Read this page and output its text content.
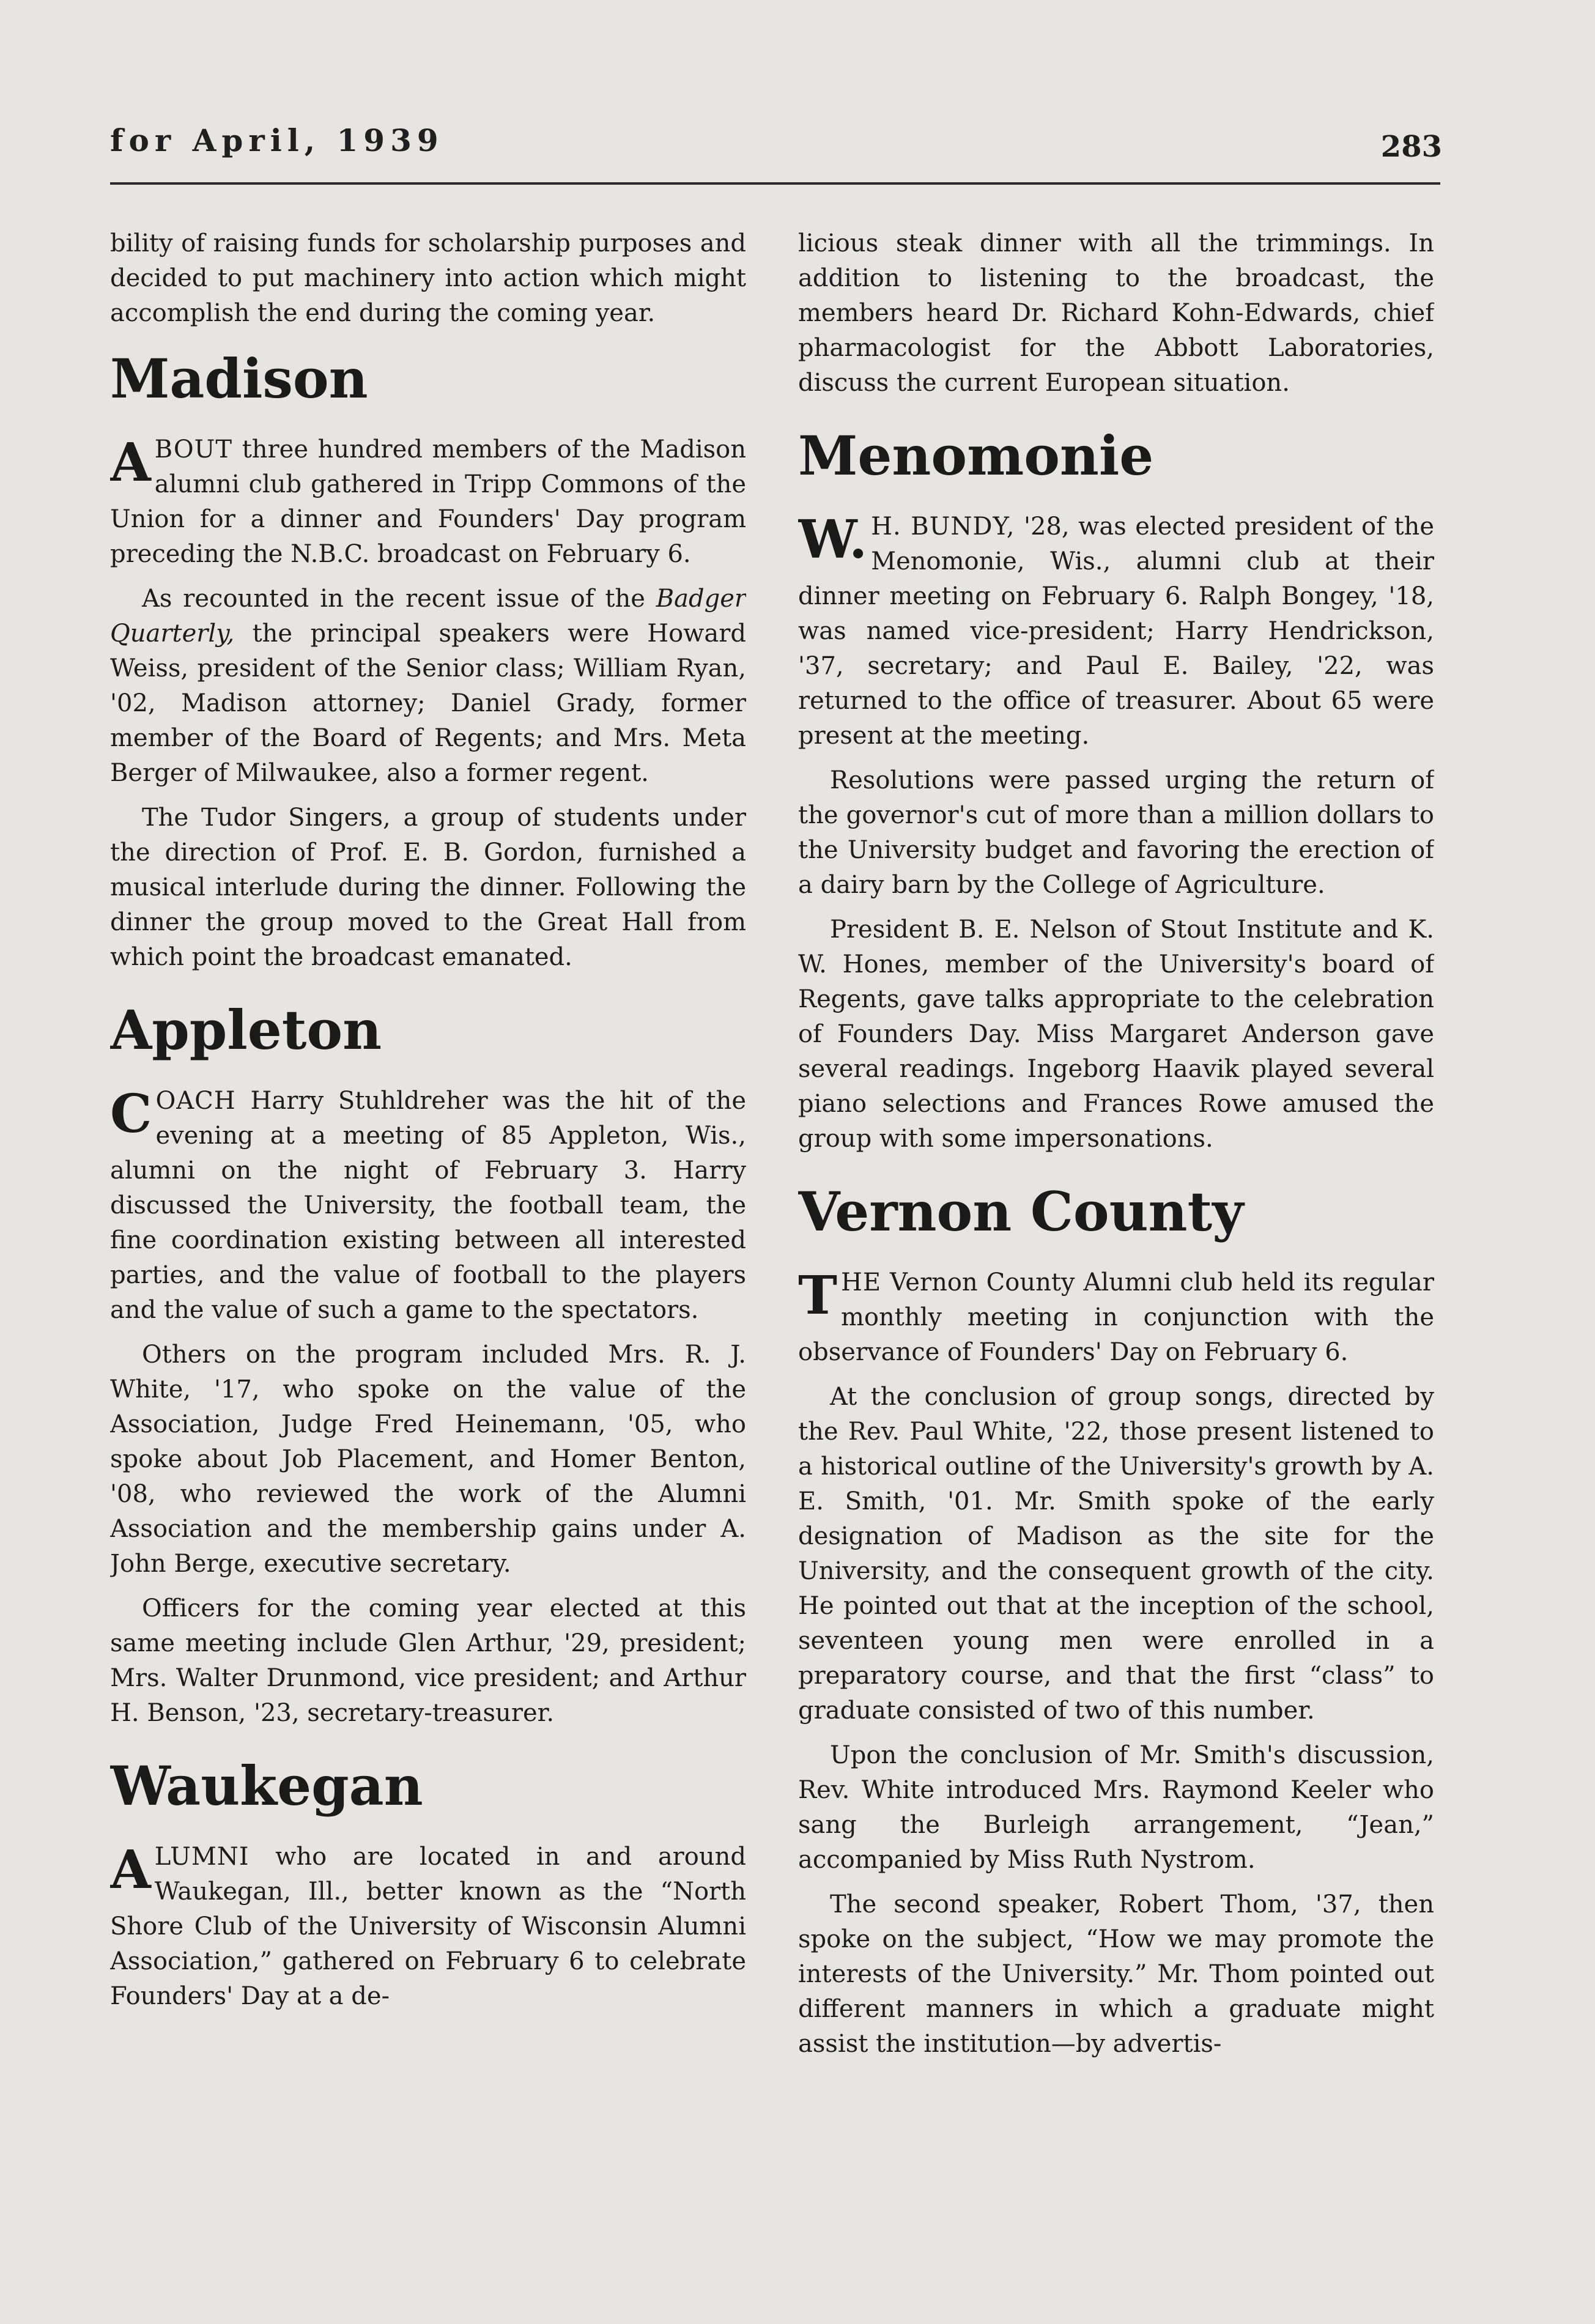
for April, 1939	283

bility of raising funds for scholarship purposes and decided to put machinery into action which might accomplish the end during the coming year.

Madison

ABOUT three hundred members of the Madison alumni club gathered in Tripp Commons of the Union for a dinner and Founders' Day program preceding the N.B.C. broadcast on February 6.

As recounted in the recent issue of the Badger Quarterly, the principal speakers were Howard Weiss, president of the Senior class; William Ryan, '02, Madison attorney; Daniel Grady, former member of the Board of Regents; and Mrs. Meta Berger of Milwaukee, also a former regent.

The Tudor Singers, a group of students under the direction of Prof. E. B. Gordon, furnished a musical interlude during the dinner. Following the dinner the group moved to the Great Hall from which point the broadcast emanated.

Appleton

COACH Harry Stuhldreher was the hit of the evening at a meeting of 85 Appleton, Wis., alumni on the night of February 3. Harry discussed the University, the football team, the fine coordination existing between all interested parties, and the value of football to the players and the value of such a game to the spectators.

Others on the program included Mrs. R. J. White, '17, who spoke on the value of the Association, Judge Fred Heinemann, '05, who spoke about Job Placement, and Homer Benton, '08, who reviewed the work of the Alumni Association and the membership gains under A. John Berge, executive secretary.

Officers for the coming year elected at this same meeting include Glen Arthur, '29, president; Mrs. Walter Drunmond, vice president; and Arthur H. Benson, '23, secretary-treasurer.

Waukegan

ALUMNI who are located in and around Waukegan, Ill., better known as the “North Shore Club of the University of Wisconsin Alumni Association,” gathered on February 6 to celebrate Founders' Day at a de-

licious steak dinner with all the trimmings. In addition to listening to the broadcast, the members heard Dr. Richard Kohn-Edwards, chief pharmacologist for the Abbott Laboratories, discuss the current European situation.

Menomonie

W. H. BUNDY, '28, was elected president of the Menomonie, Wis., alumni club at their dinner meeting on February 6. Ralph Bongey, '18, was named vice-president; Harry Hendrickson, '37, secretary; and Paul E. Bailey, '22, was returned to the office of treasurer. About 65 were present at the meeting.

Resolutions were passed urging the return of the governor's cut of more than a million dollars to the University budget and favoring the erection of a dairy barn by the College of Agriculture.

President B. E. Nelson of Stout Institute and K. W. Hones, member of the University's board of Regents, gave talks appropriate to the celebration of Founders Day. Miss Margaret Anderson gave several readings. Ingeborg Haavik played several piano selections and Frances Rowe amused the group with some impersonations.

Vernon County

THE Vernon County Alumni club held its regular monthly meeting in conjunction with the observance of Founders' Day on February 6.

At the conclusion of group songs, directed by the Rev. Paul White, '22, those present listened to a historical outline of the University's growth by A. E. Smith, '01. Mr. Smith spoke of the early designation of Madison as the site for the University, and the consequent growth of the city. He pointed out that at the inception of the school, seventeen young men were enrolled in a preparatory course, and that the first “class” to graduate consisted of two of this number.

Upon the conclusion of Mr. Smith's discussion, Rev. White introduced Mrs. Raymond Keeler who sang the Burleigh arrangement, “Jean,” accompanied by Miss Ruth Nystrom.

The second speaker, Robert Thom, '37, then spoke on the subject, “How we may promote the interests of the University.” Mr. Thom pointed out different manners in which a graduate might assist the institution—by advertis-
